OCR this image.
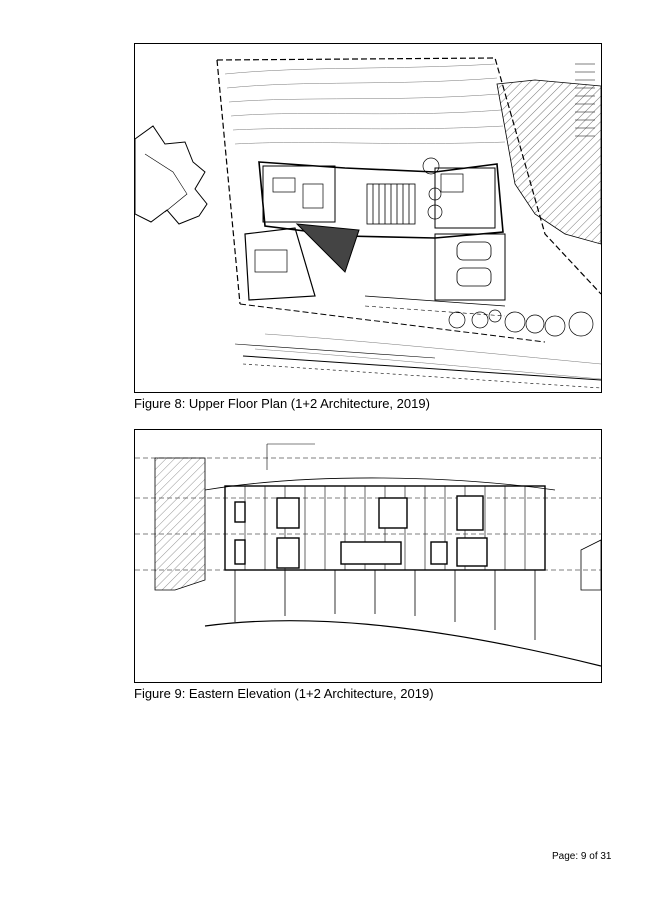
Figure 8: Upper Floor Plan (1+2 Architecture, 2019)
Figure 9: Eastern Elevation (1+2 Architecture, 2019)
Page: 9 of 31
